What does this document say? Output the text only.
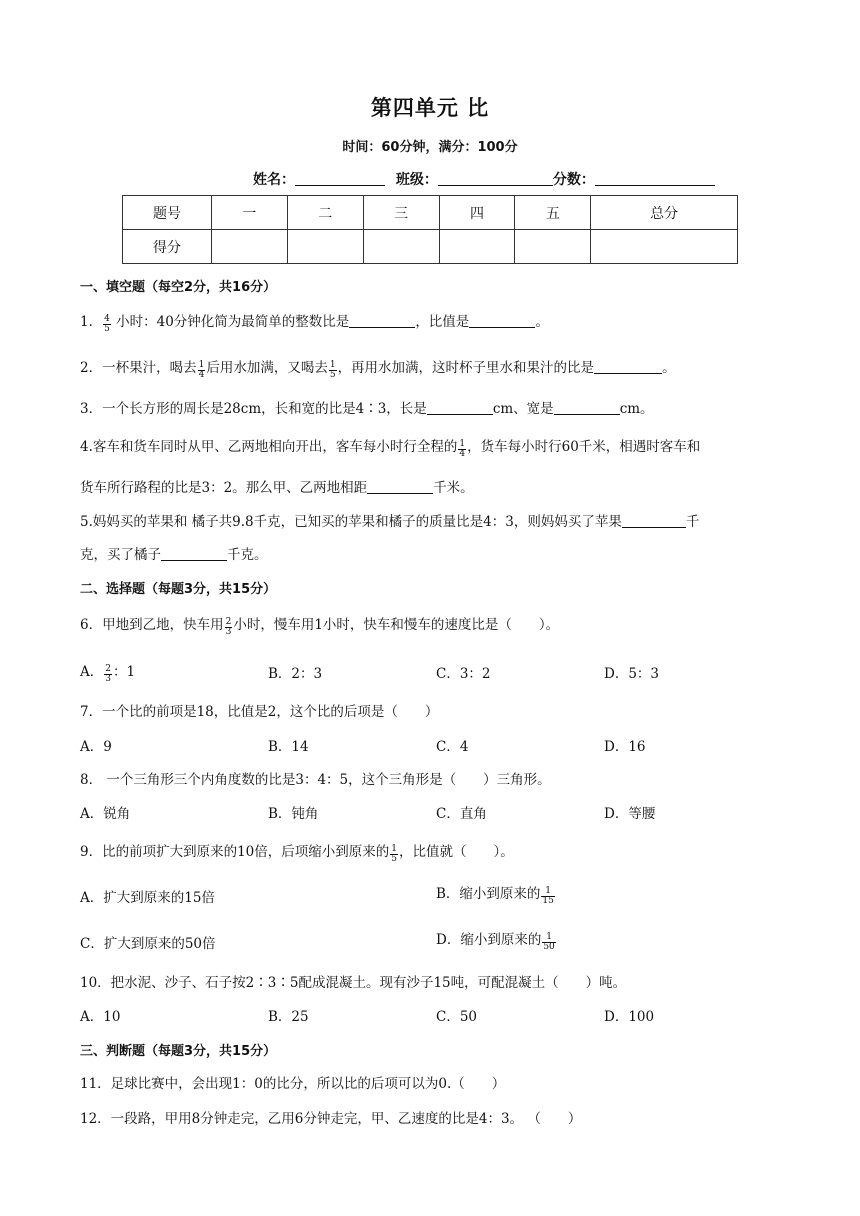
第四单元 比
时间：60分钟，满分：100分
姓名：	班级：	分数：
题号	一	二	三	四	五	总分
得分						
一、填空题（每空2分，共16分）
1． $\frac{4}{5}$ 小时：40分钟化简为最简单的整数比是	，比值是	。
2．一杯果汁，喝去 $\frac{1}{4}$ 后用水加满，又喝去 $\frac{1}{5}$ ，再用水加满，这时杯子里水和果汁的比是	。
3．一个长方形的周长是28cm，长和宽的比是4∶3，长是	cm、宽是	cm。
4.客车和货车同时从甲、乙两地相向开出，客车每小时行全程的 $\frac{1}{4}$ ，货车每小时行60千米，相遇时客车和
货车所行路程的比是3：2。那么甲、乙两地相距	千米。
5.妈妈买的苹果和 橘子共9.8千克，已知买的苹果和橘子的质量比是4：3，则妈妈买了苹果	千
克，买了橘子	千克。
二、选择题（每题3分，共15分）
6．甲地到乙地，快车用 $\frac{2}{3}$ 小时，慢车用1小时，快车和慢车的速度比是（　　）。
A． $\frac{2}{3}$ ：1	B．2：3	C．3：2	D．5：3
7．一个比的前项是18，比值是2，这个比的后项是（　　）
A．9	B．14	C．4	D．16
8． 一个三角形三个内角度数的比是3：4：5，这个三角形是（　　）三角形。
A．锐角	B．钝角	C．直角	D．等腰
9．比的前项扩大到原来的10倍，后项缩小到原来的 $\frac{1}{5}$ ，比值就（　　）。
A．扩大到原来的15倍	B．缩小到原来的 $\frac{1}{15}$
C．扩大到原来的50倍	D．缩小到原来的 $\frac{1}{50}$
10．把水泥、沙子、石子按2∶3∶5配成混凝土。现有沙子15吨，可配混凝土（　　）吨。
A．10	B．25	C．50	D．100
三、判断题（每题3分，共15分）
11．足球比赛中，会出现1：0的比分，所以比的后项可以为0.（　　）
12．一段路，甲用8分钟走完，乙用6分钟走完，甲、乙速度的比是4：3。 （　　）
